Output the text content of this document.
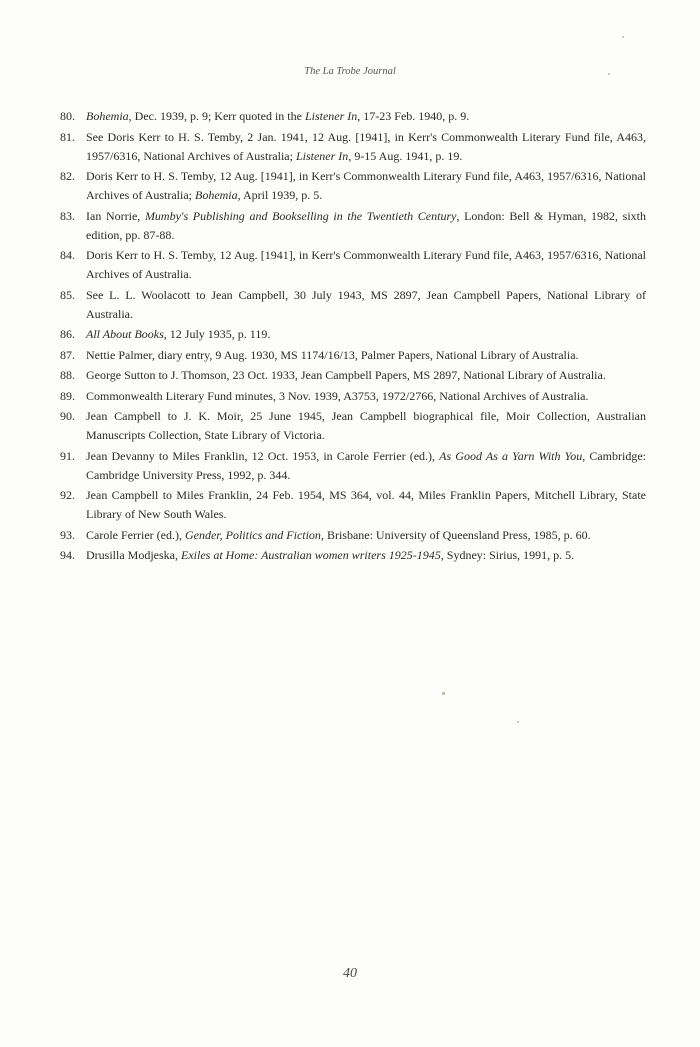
The La Trobe Journal
80. Bohemia, Dec. 1939, p. 9; Kerr quoted in the Listener In, 17-23 Feb. 1940, p. 9.
81. See Doris Kerr to H. S. Temby, 2 Jan. 1941, 12 Aug. [1941], in Kerr's Commonwealth Literary Fund file, A463, 1957/6316, National Archives of Australia; Listener In, 9-15 Aug. 1941, p. 19.
82. Doris Kerr to H. S. Temby, 12 Aug. [1941], in Kerr's Commonwealth Literary Fund file, A463, 1957/6316, National Archives of Australia; Bohemia, April 1939, p. 5.
83. Ian Norrie, Mumby's Publishing and Bookselling in the Twentieth Century, London: Bell & Hyman, 1982, sixth edition, pp. 87-88.
84. Doris Kerr to H. S. Temby, 12 Aug. [1941], in Kerr's Commonwealth Literary Fund file, A463, 1957/6316, National Archives of Australia.
85. See L. L. Woolacott to Jean Campbell, 30 July 1943, MS 2897, Jean Campbell Papers, National Library of Australia.
86. All About Books, 12 July 1935, p. 119.
87. Nettie Palmer, diary entry, 9 Aug. 1930, MS 1174/16/13, Palmer Papers, National Library of Australia.
88. George Sutton to J. Thomson, 23 Oct. 1933, Jean Campbell Papers, MS 2897, National Library of Australia.
89. Commonwealth Literary Fund minutes, 3 Nov. 1939, A3753, 1972/2766, National Archives of Australia.
90. Jean Campbell to J. K. Moir, 25 June 1945, Jean Campbell biographical file, Moir Collection, Australian Manuscripts Collection, State Library of Victoria.
91. Jean Devanny to Miles Franklin, 12 Oct. 1953, in Carole Ferrier (ed.), As Good As a Yarn With You, Cambridge: Cambridge University Press, 1992, p. 344.
92. Jean Campbell to Miles Franklin, 24 Feb. 1954, MS 364, vol. 44, Miles Franklin Papers, Mitchell Library, State Library of New South Wales.
93. Carole Ferrier (ed.), Gender, Politics and Fiction, Brisbane: University of Queensland Press, 1985, p. 60.
94. Drusilla Modjeska, Exiles at Home: Australian women writers 1925-1945, Sydney: Sirius, 1991, p. 5.
40
